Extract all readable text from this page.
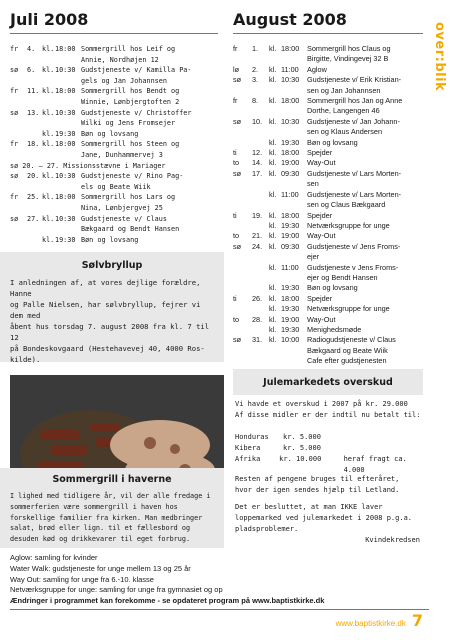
Juli 2008	August 2008
over:blik
fr	4.	kl. 18:00 Sommergrill hos Leif og
Annie, Nordhøjen 12
sø	6.	kl. 10:30 Gudstjeneste v/ Kamilla Pa-
gels og Jan Johannsen
fr	11. kl. 18:00 Sommergrill hos Bendt og
Winnie, Lønbjergtoften 2
sø	13. kl. 10:30 Gudstjeneste v/ Christoffer
Wilki og Jens Fromsejer
kl. 19:30 Bøn og lovsang
fr	18. kl. 18:00 Sommergrill hos Steen og
Jane, Dunhammervej 3
sø 20. – 27. Missionsstævne i Mariager
sø	20. kl. 10:30 Gudstjeneste v/ Rino Pag-
els og Beate Wiik
fr	25. kl. 18:00 Sommergrill hos Lars og
Nina, Lønbjergvej 25
sø	27. kl. 10:30 Gudstjeneste v/ Claus
Bækgaard og Bendt Hansen
kl. 19:30 Bøn og lovsang
fr	1.	kl. 18:00	Sommergrill hos Claus og
Birgitte, Vindingevej 32 B
lø	2.	kl. 11:00	Aglow
sø	3.	kl. 10:30	Gudstjeneste v/ Erik Kristian-
sen og Jan Johannsen
fr	8.	kl. 18:00	Sommergrill hos Jan og Anne
Dorthe, Langengen 46
sø	10. kl. 10:30	Gudstjeneste v/ Jan Johann-
sen og Klaus Andersen
kl. 19:30	Bøn og lovsang
ti	12. kl. 18:00	Spejder
to	14. kl. 19:00	Way-Out
sø	17. kl. 09:30	Gudstjeneste v/ Lars Morten-
sen
kl. 11:00	Gudstjeneste v/ Lars Morten-
sen og Claus Bækgaard
ti	19. kl. 18:00	Spejder
kl. 19:30	Netværksgruppe for unge
to	21. kl. 19:00	Way-Out
sø	24. kl. 09:30	Gudstjeneste v/ Jens Froms-
ejer
kl. 11:00	Gudstjeneste v Jens Froms-
ejer og Bendt Hansen
kl. 19:30	Bøn og lovsang
ti	26. kl. 18:00	Spejder
kl. 19:30	Netværksgruppe for unge
to	28. kl. 19:00	Way-Out
kl. 19:30	Menighedsmøde
sø	31. kl. 10:00	Radiogudstjeneste v/ Claus
Bækgaard og Beate Wiik
Cafe efter gudstjenesten
Sølvbryllup
I anledningen af, at vores dejlige forældre, Hanne
og Palle Nielsen, har sølvbryllup, fejrer vi dem med
åbent hus torsdag 7. august 2008 fra kl. 7 til 12
på Bondeskovgaard (Hestehavevej 40, 4000 Ros-
kilde).
Sommergrill i haverne
I lighed med tidligere år, vil der alle fredage i sommerferien være sommergrill i haven hos forskellige familier fra kirken. Man medbringer salat, brød eller lign. til et fællesbord og desuden kød og drikkevarer til eget forbrug.
Julemarkedets overskud
Vi havde et overskud i 2007 på kr. 29.000
Af disse midler er der indtil nu betalt til:
Honduras	kr. 5.000
Kibera	kr. 5.000
Afrika	kr. 10.000	heraf fragt ca. 4.000
Resten af pengene bruges til efteråret, hvor der igen sendes hjælp til Letland.
Det er besluttet, at man IKKE laver loppemarked ved julemarkedet i 2008 p.g.a. pladsproblemer.
Kvindekredsen
Aglow: samling for kvinder
Water Walk: gudstjeneste for unge mellem 13 og 25 år
Way Out: samling for unge fra 6.-10. klasse
Netværksgruppe for unge: samling for unge fra gymnasiet og op
Ændringer i programmet kan forekomme - se opdateret program på www.baptistkirke.dk
www.baptistkirke.dk 7
